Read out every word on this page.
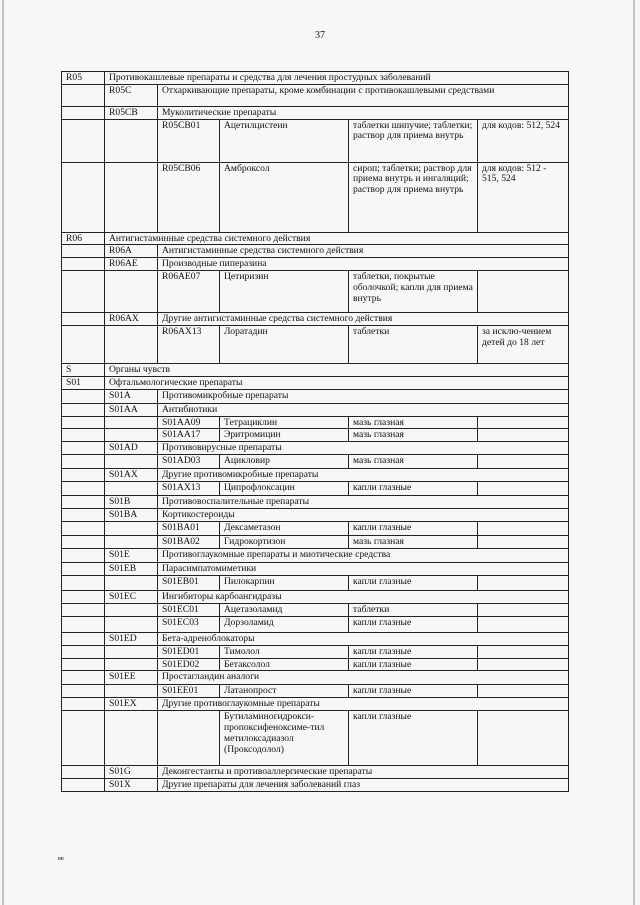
37
R05	Противокашлевые препараты и средства для лечения простудных заболеваний				
	R05C	Отхаркивающие препараты, кроме комбинации с противокашлевыми средствами			
	R05CB	Муколитические препараты			
		R05CB01	Ацетилцистеин	таблетки шипучие; таблетки; раствор для приема внутрь	для кодов: 512, 524
		R05CB06	Амброксол	сироп; таблетки; раствор для приема внутрь и ингаляций; раствор для приема внутрь	для кодов: 512 - 515, 524
R06	Антигистаминные средства системного действия				
	R06A	Антигистаминные средства системного действия			
	R06AE	Производные пиперазина			
		R06AE07	Цетиризин	таблетки, покрытые оболочкой; капли для приема внутрь	
	R06AX	Другие антигистаминные средства системного действия			
		R06AX13	Лоратадин	таблетки	за исклю-чением детей до 18 лет
S	Органы чувств				
S01	Офтальмологические препараты				
	S01A	Противомикробные препараты			
	S01AA	Антибиотики			
		S01AA09	Тетрациклин	мазь глазная	
		S01AA17	Эритромицин	мазь глазная	
	S01AD	Противовирусные препараты			
		S01AD03	Ацикловир	мазь глазная	
	S01AX	Другие противомикробные препараты			
		S01AX13	Ципрофлоксацин	капли глазные	
	S01B	Противовоспалительные препараты			
	S01BA	Кортикостероиды			
		S01BA01	Дексаметазон	капли глазные	
		S01BA02	Гидрокортизон	мазь глазная	
	S01E	Противоглаукомные препараты и миотические средства			
	S01EB	Парасимпатомиметики			
		S01EB01	Пилокарпин	капли глазные	
	S01EC	Ингибиторы карбоангидразы			
		S01EC01	Ацетазоламид	таблетки	
		S01EC03	Дорзоламид	капли глазные	
	S01ED	Бета-адреноблокаторы			
		S01ED01	Тимолол	капли глазные	
		S01ED02	Бетаксолол	капли глазные	
	S01EE	Простагландин аналоги			
		S01EE01	Латанопрост	капли глазные	
	S01EX	Другие противоглаукомные препараты			
			Бутиламиногидрокси-пропоксифеноксиме-тил метилоксадиазол (Проксодолол)	капли глазные	
	S01G	Деконгестанты и противоаллергические препараты			
	S01X	Другие препараты для лечения заболеваний глаз			
вв
